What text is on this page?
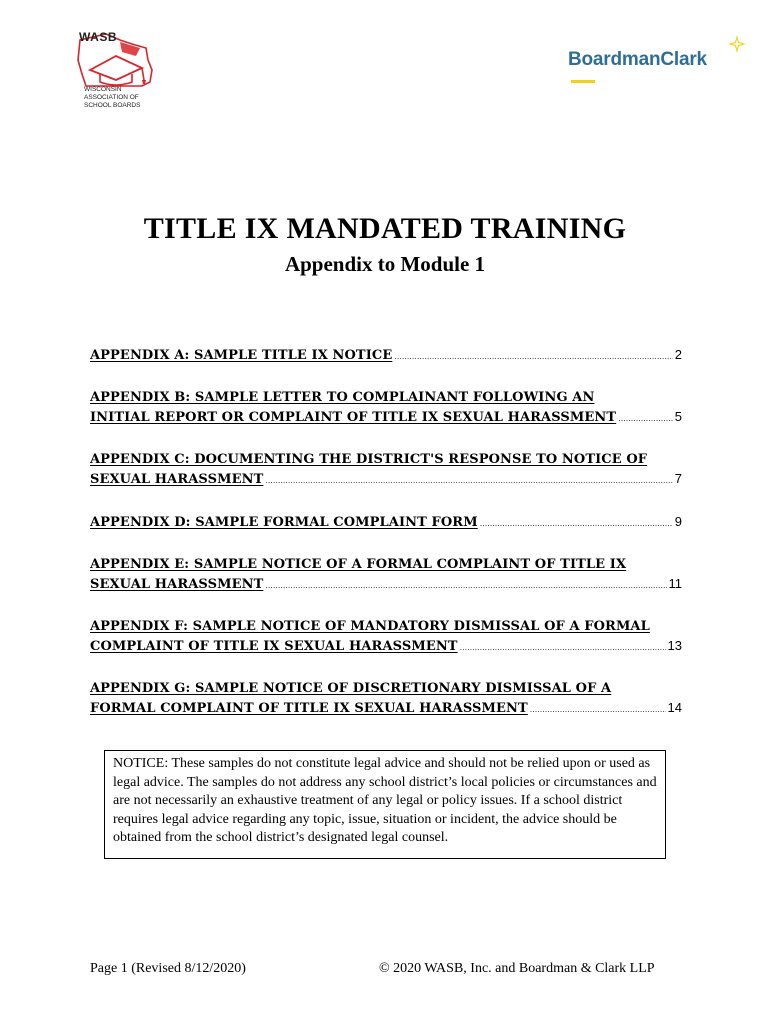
WASB
WISCONSIN
ASSOCIATION OF
SCHOOL BOARDS
BoardmanClark
TITLE IX MANDATED TRAINING
Appendix to Module 1
APPENDIX A: SAMPLE TITLE IX NOTICE .....	2
APPENDIX B: SAMPLE LETTER TO COMPLAINANT FOLLOWING AN
INITIAL REPORT OR COMPLAINT OF TITLE IX SEXUAL HARASSMENT .....	5
APPENDIX C: DOCUMENTING THE DISTRICT'S RESPONSE TO NOTICE OF
SEXUAL HARASSMENT .....	7
APPENDIX D: SAMPLE FORMAL COMPLAINT FORM .....	9
APPENDIX E: SAMPLE NOTICE OF A FORMAL COMPLAINT OF TITLE IX
SEXUAL HARASSMENT .....	11
APPENDIX F: SAMPLE NOTICE OF MANDATORY DISMISSAL OF A FORMAL
COMPLAINT OF TITLE IX SEXUAL HARASSMENT .....	13
APPENDIX G: SAMPLE NOTICE OF DISCRETIONARY DISMISSAL OF A
FORMAL COMPLAINT OF TITLE IX SEXUAL HARASSMENT .....	14
NOTICE: These samples do not constitute legal advice and should not be relied upon or used as legal advice. The samples do not address any school district’s local policies or circumstances and are not necessarily an exhaustive treatment of any legal or policy issues. If a school district requires legal advice regarding any topic, issue, situation or incident, the advice should be obtained from the school district’s designated legal counsel.
Page 1 (Revised 8/12/2020)	© 2020 WASB, Inc. and Boardman & Clark LLP
